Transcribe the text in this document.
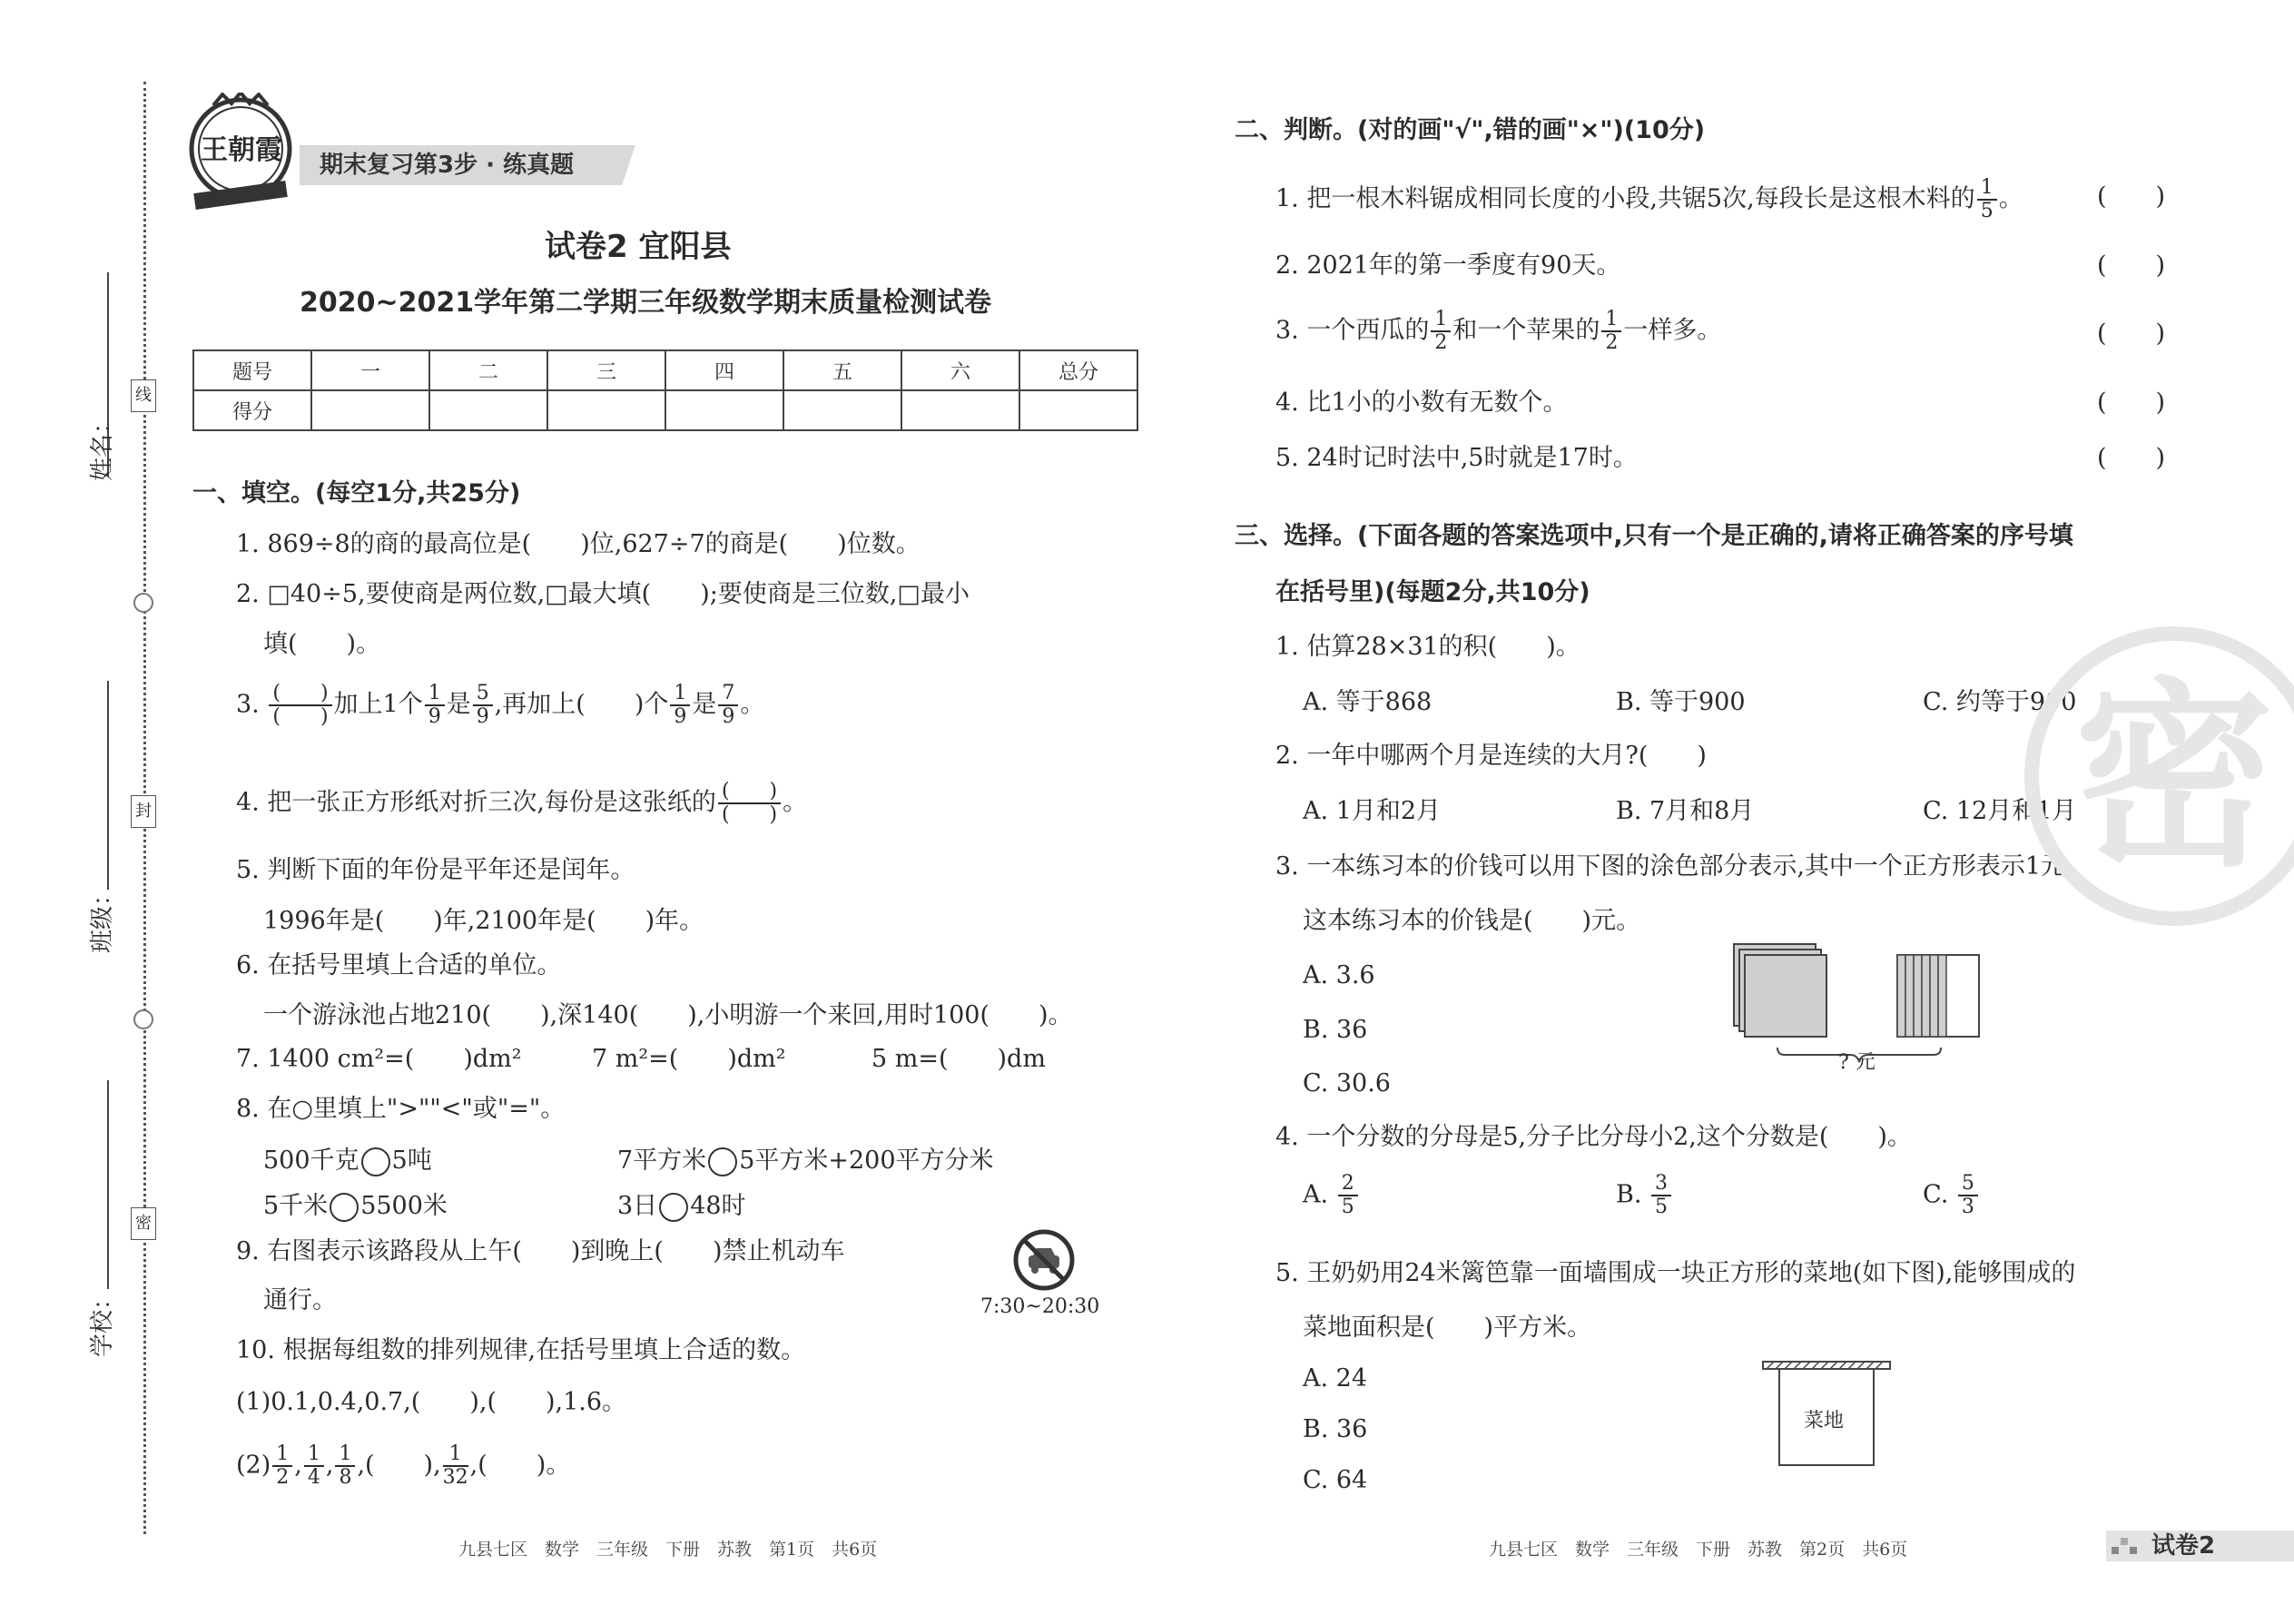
线
封
密
姓名：
班级：
学校：
王朝霞 期末复习第3步 · 练真题
试卷2 宜阳县
2020~2021学年第二学期三年级数学期末质量检测试卷
题号	一	二	三	四	五	六	总分
得分							
一、填空。(每空1分,共25分)
1. 869÷8的商的最高位是(　　)位,627÷7的商是(　　)位数。
2. □40÷5,要使商是两位数,□最大填(　　);要使商是三位数,□最小
填(　　)。
3. $\frac{( )}{( )}$ 加上1个 $\frac{1}{9}$ 是 $\frac{5}{9}$ ,再加上(　　)个 $\frac{1}{9}$ 是 $\frac{7}{9}$ 。
4. 把一张正方形纸对折三次,每份是这张纸的 $\frac{( )}{( )}$ 。
5. 判断下面的年份是平年还是闰年。
1996年是(　　)年,2100年是(　　)年。
6. 在括号里填上合适的单位。
一个游泳池占地210(　　),深140(　　),小明游一个来回,用时100(　　)。
7. 1400 cm²=(　　)dm²	7 m²=(　　)dm²	5 m=(　　)dm
8. 在○里填上">""<"或"="。
500千克 5吨	7平方米 5平方米+200平方分米
5千米 5500米	3日 48时
9. 右图表示该路段从上午(　　)到晚上(　　)禁止机动车
通行。	7:30~20:30
10. 根据每组数的排列规律,在括号里填上合适的数。
(1)0.1,0.4,0.7,(　　),(　　),1.6。
$(2) \frac{1}{2}$ , $\frac{1}{4}$ , $\frac{1}{8}$ ,(　　), $\frac{1}{32}$ ,(　　)。
二、判断。(对的画"√",错的画"×")(10分)
1. 把一根木料锯成相同长度的小段,共锯5次,每段长是这根木料的 $\frac{1}{5}$ 。	(　　)
2. 2021年的第一季度有90天。	(　　)
3. 一个西瓜的 $\frac{1}{2}$ 和一个苹果的 $\frac{1}{2}$ 一样多。	(　　)
4. 比1小的小数有无数个。	(　　)
5. 24时记时法中,5时就是17时。	(　　)
三、选择。(下面各题的答案选项中,只有一个是正确的,请将正确答案的序号填
在括号里)(每题2分,共10分)
1. 估算28×31的积(　　)。
A. 等于868	B. 等于900	C. 约等于900
2. 一年中哪两个月是连续的大月?(　　)
A. 1月和2月	B. 7月和8月	C. 12月和1月
3. 一本练习本的价钱可以用下图的涂色部分表示,其中一个正方形表示1元,
这本练习本的价钱是(　　)元。
A. 3.6
B. 36
C. 30.6
? 元
4. 一个分数的分母是5,分子比分母小2,这个分数是(　　)。
A. $\frac{2}{5}$	B. $\frac{3}{5}$	C. $\frac{5}{3}$
5. 王奶奶用24米篱笆靠一面墙围成一块正方形的菜地(如下图),能够围成的
菜地面积是(　　)平方米。
A. 24
B. 36
C. 64
菜地
密
九县七区　数学　三年级　下册　苏教　第1页　共6页	九县七区　数学　三年级　下册　苏教　第2页　共6页	试卷2
